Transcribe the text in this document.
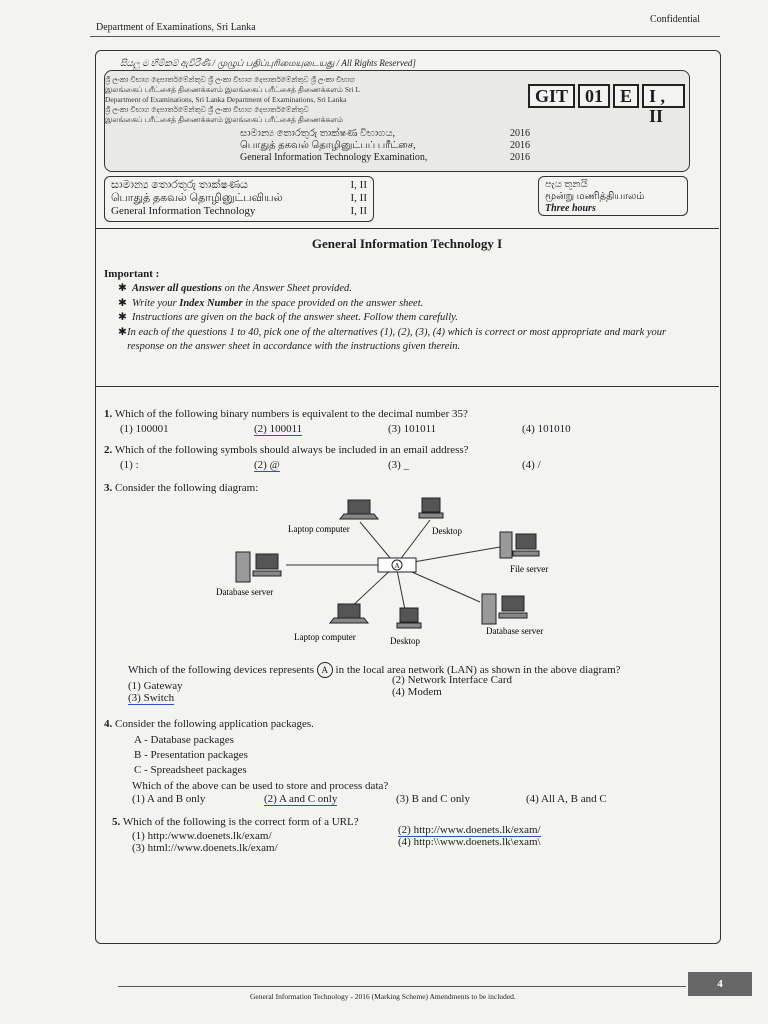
Department of Examinations, Sri Lanka
Confidential
සියලු ම හිමිකම් ඇවිරිණි / முழுப் பதிப்புரிமையுடையது / All Rights Reserved]
ශ්‍රී ලංකා විභාග දෙපාර්තමේන්තුව ශ්‍රී ලංකා විභාග දෙපාර්තමේන්තුව ශ්‍රී ලංකා විභාග
இலங்கைப் பரீட்சைத் திணைக்களம் இலங்கைப் பரீட்சைத் திணைக்களம் Sri L
Department of Examinations, Sri Lanka Department of Examinations, Sri Lanka
ශ්‍රී ලංකා විභාග දෙපාර්තමේන්තුව ශ්‍රී ලංකා විභාග දෙපාර්තමේන්තුව
இலங்கைப் பரீட்சைத் திணைக்களம் இலங்கைப் பரீட்சைத் திணைக்களம்
GIT 01 E I , II
සාමාන්‍ය තොරතුරු තාක්ෂණ විභාගය,	2016
பொதுத் தகவல் தொழினுட்பப் பரீட்சை,	2016
General Information Technology Examination,	2016
සාමාන්‍ය තොරතුරු තාක්ෂණය	I, II
பொதுத் தகவல் தொழினுட்பவியல்	I, II
General Information Technology	I, II
පැය තුනයි
மூன்று மணித்தியாலம்
Three hours
General Information Technology I
Important :
✱ Answer all questions on the Answer Sheet provided.
✱ Write your Index Number in the space provided on the answer sheet.
✱ Instructions are given on the back of the answer sheet. Follow them carefully.
✱ In each of the questions 1 to 40, pick one of the alternatives (1), (2), (3), (4) which is correct or most appropriate and mark your response on the answer sheet in accordance with the instructions given therein.
1. Which of the following binary numbers is equivalent to the decimal number 35?
(1) 100001	(2) 100011	(3) 101011	(4) 101010
2. Which of the following symbols should always be included in an email address?
(1) :	(2) @	(3) _	(4) /
3. Consider the following diagram:
A
Laptop computer	Desktop
File server
Database server
Laptop computer	Desktop
Database server
Which of the following devices represents A in the local area network (LAN) as shown in the above diagram?
(1) Gateway
(3) Switch
(2) Network Interface Card
(4) Modem
4. Consider the following application packages.
A - Database packages
B - Presentation packages
C - Spreadsheet packages
Which of the above can be used to store and process data?
(1) A and B only	(2) A and C only	(3) B and C only	(4) All A, B and C
5. Which of the following is the correct form of a URL?
(1) http:/www.doenets.lk/exam/
(3) html://www.doenets.lk/exam/
(2) http://www.doenets.lk/exam/
(4) http:\\www.doenets.lk\exam\
General Information Technology - 2016 (Marking Scheme) Amendments to be included.
4
